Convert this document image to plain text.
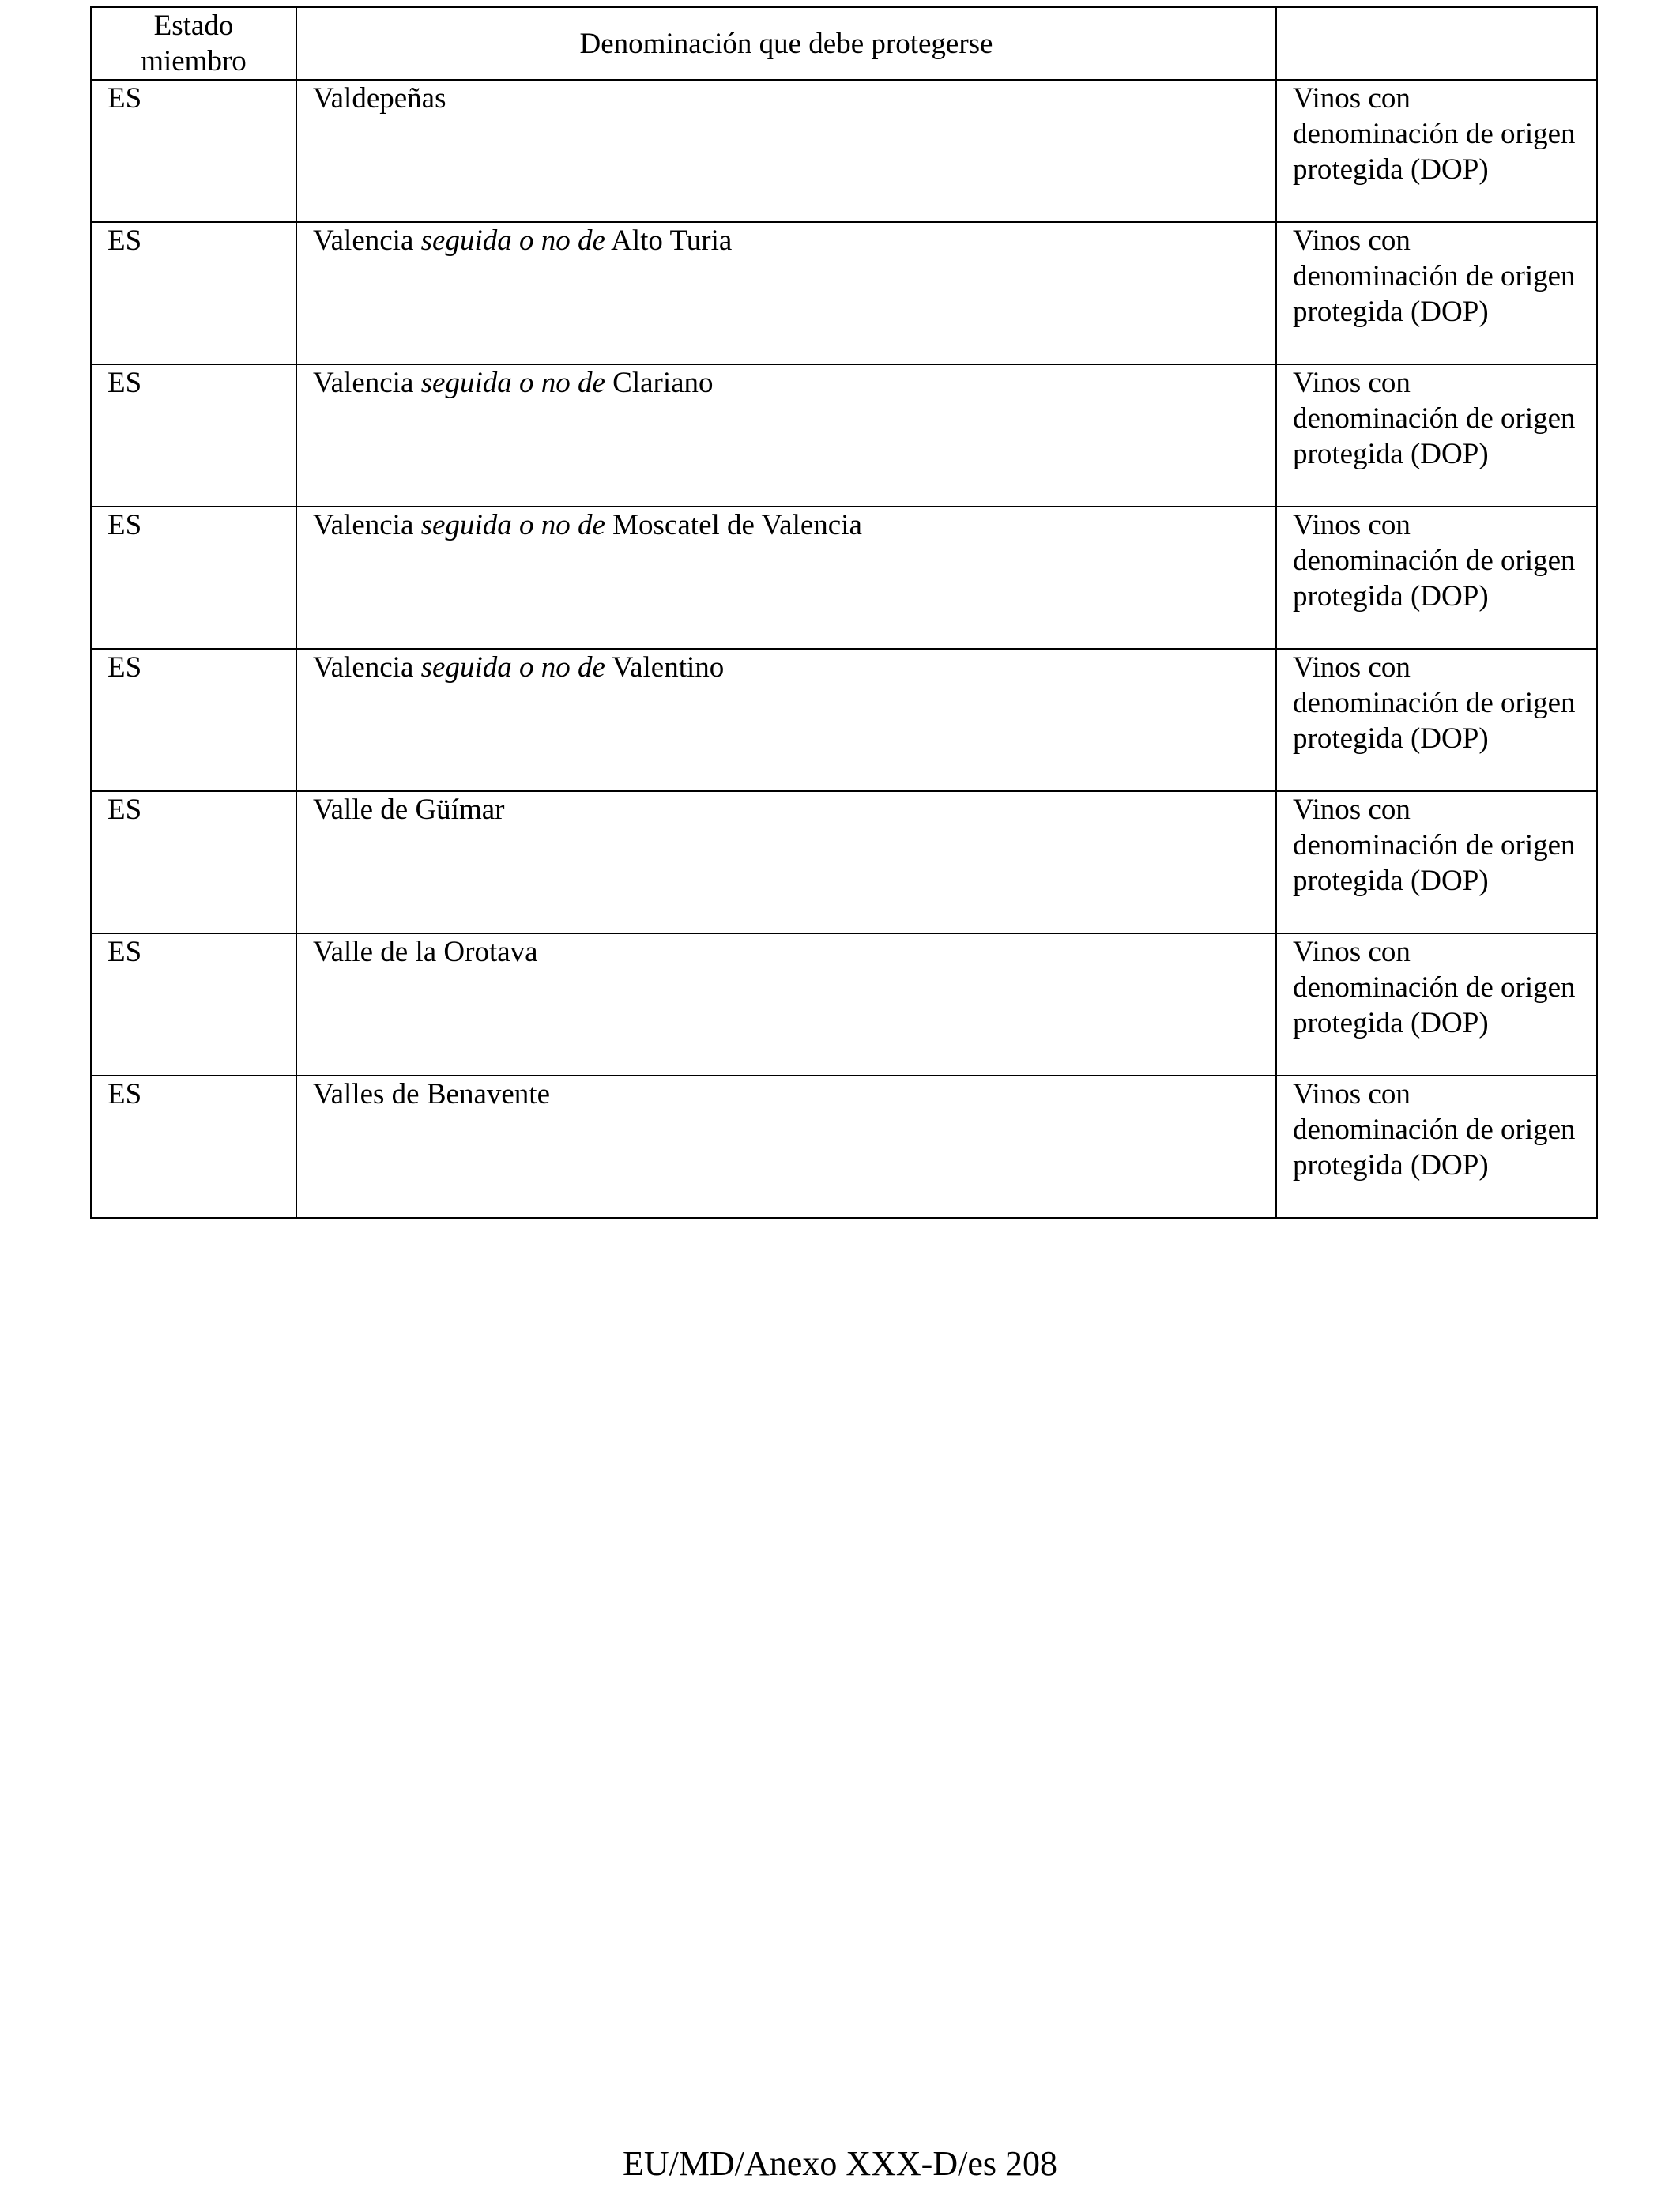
Estado miembro	Denominación que debe protegerse	
ES	Valdepeñas	Vinos con denominación de origen protegida (DOP)

ES	Valencia seguida o no de Alto Turia	Vinos con denominación de origen protegida (DOP)

ES	Valencia seguida o no de Clariano	Vinos con denominación de origen protegida (DOP)

ES	Valencia seguida o no de Moscatel de Valencia	Vinos con denominación de origen protegida (DOP)

ES	Valencia seguida o no de Valentino	Vinos con denominación de origen protegida (DOP)

ES	Valle de Güímar	Vinos con denominación de origen protegida (DOP)

ES	Valle de la Orotava	Vinos con denominación de origen protegida (DOP)

ES	Valles de Benavente	Vinos con denominación de origen protegida (DOP)
EU/MD/Anexo XXX-D/es 208
